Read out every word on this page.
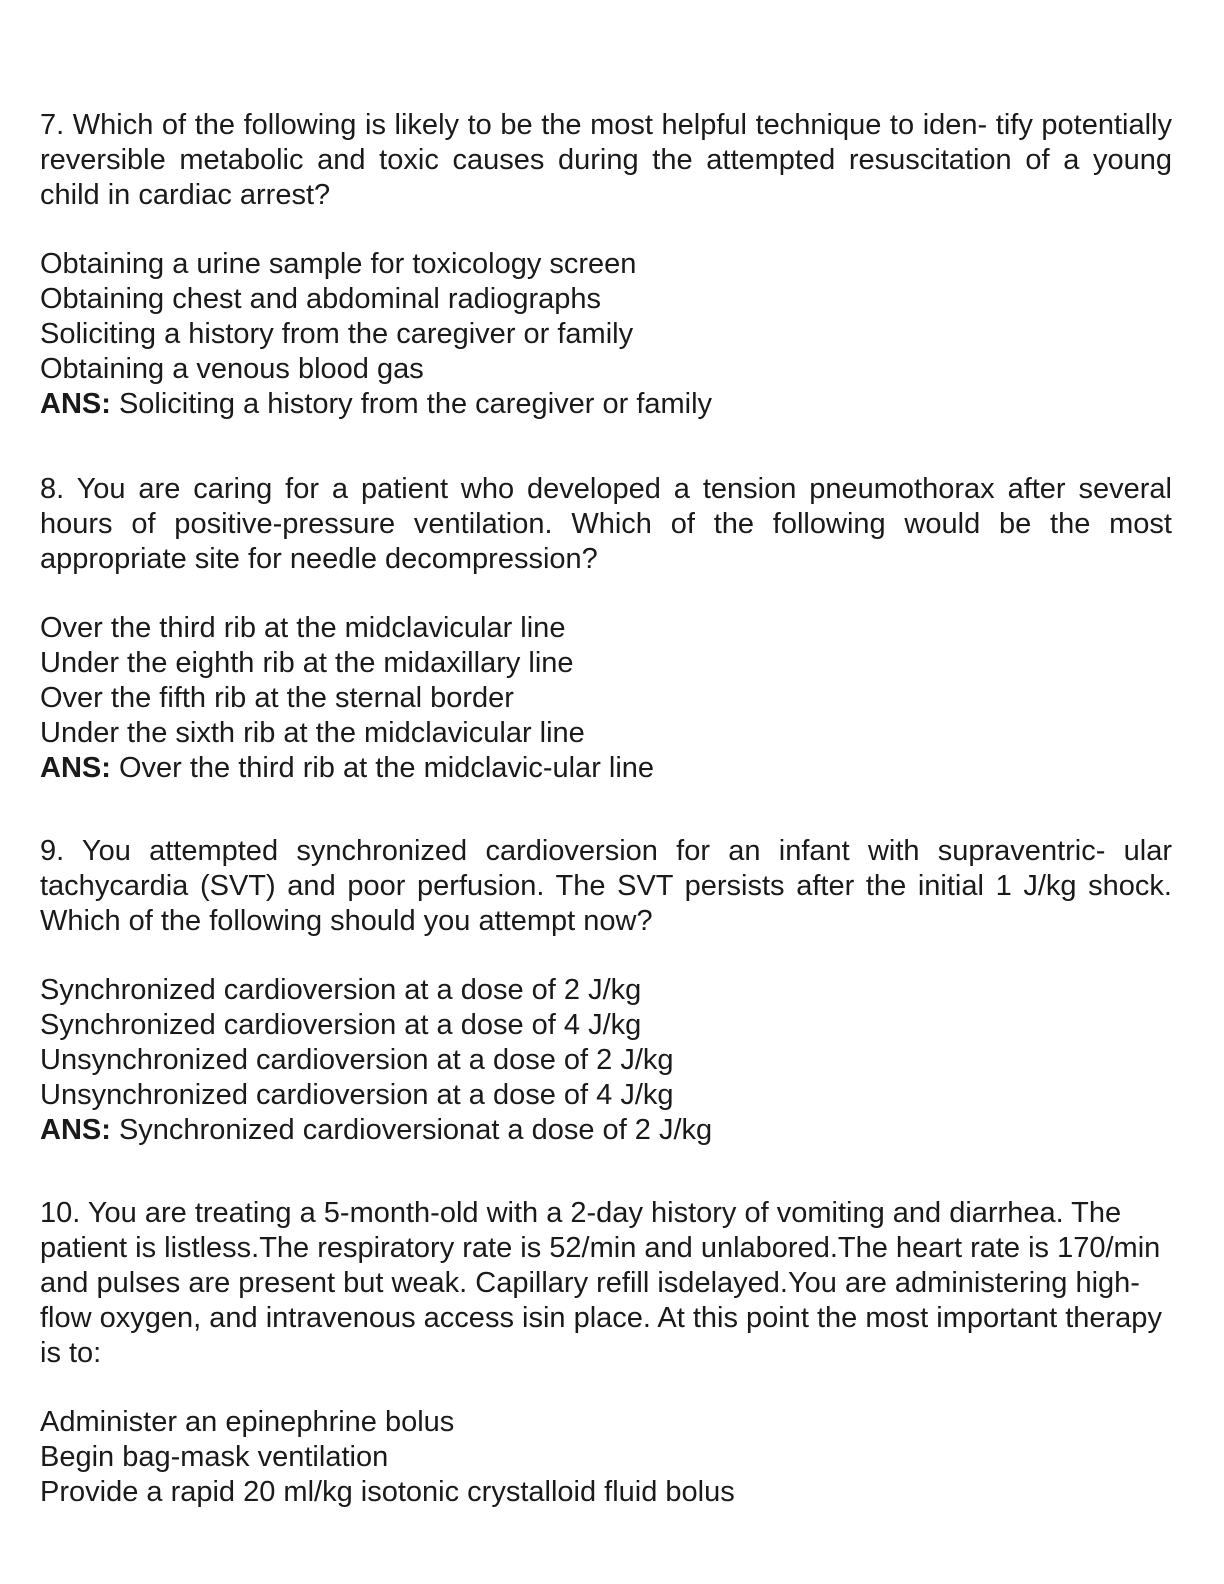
7. Which of the following is likely to be the most helpful technique to iden- tify potentially reversible metabolic and toxic causes during the attempted resuscitation of a young child in cardiac arrest?

Obtaining a urine sample for toxicology screen
Obtaining chest and abdominal radiographs
Soliciting a history from the caregiver or family
Obtaining a venous blood gas

ANS: Soliciting a history from the caregiver or family

8. You are caring for a patient who developed a tension pneumothorax after several hours of positive-pressure ventilation. Which of the following would be the most appropriate site for needle decompression?

Over the third rib at the midclavicular line
Under the eighth rib at the midaxillary line
Over the fifth rib at the sternal border
Under the sixth rib at the midclavicular line

ANS: Over the third rib at the midclavic-ular line

9. You attempted synchronized cardioversion for an infant with supraventric- ular tachycardia (SVT) and poor perfusion. The SVT persists after the initial 1 J/kg shock. Which of the following should you attempt now?

Synchronized cardioversion at a dose of 2 J/kg
Synchronized cardioversion at a dose of 4 J/kg
Unsynchronized cardioversion at a dose of 2 J/kg
Unsynchronized cardioversion at a dose of 4 J/kg

ANS: Synchronized cardioversionat a dose of 2 J/kg

10. You are treating a 5-month-old with a 2-day history of vomiting and diarrhea. The patient is listless.The respiratory rate is 52/min and unlabored.The heart rate is 170/min and pulses are present but weak. Capillary refill isdelayed.You are administering high-flow oxygen, and intravenous access isin place. At this point the most important therapy is to:

Administer an epinephrine bolus
Begin bag-mask ventilation
Provide a rapid 20 ml/kg isotonic crystalloid fluid bolus
